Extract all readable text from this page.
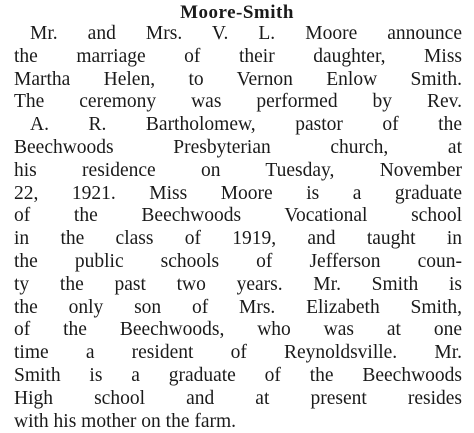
Moore-Smith
Mr. and Mrs. V. L. Moore announce
the marriage of their daughter, Miss
Martha Helen, to Vernon Enlow Smith.
The ceremony was performed by Rev.
A. R. Bartholomew, pastor of the
Beechwoods Presbyterian church, at
his residence on Tuesday, November
22, 1921. Miss Moore is a graduate
of the Beechwoods Vocational school
in the class of 1919, and taught in
the public schools of Jefferson coun-
ty the past two years. Mr. Smith is
the only son of Mrs. Elizabeth Smith,
of the Beechwoods, who was at one
time a resident of Reynoldsville. Mr.
Smith is a graduate of the Beechwoods
High school and at present resides
with his mother on the farm.
